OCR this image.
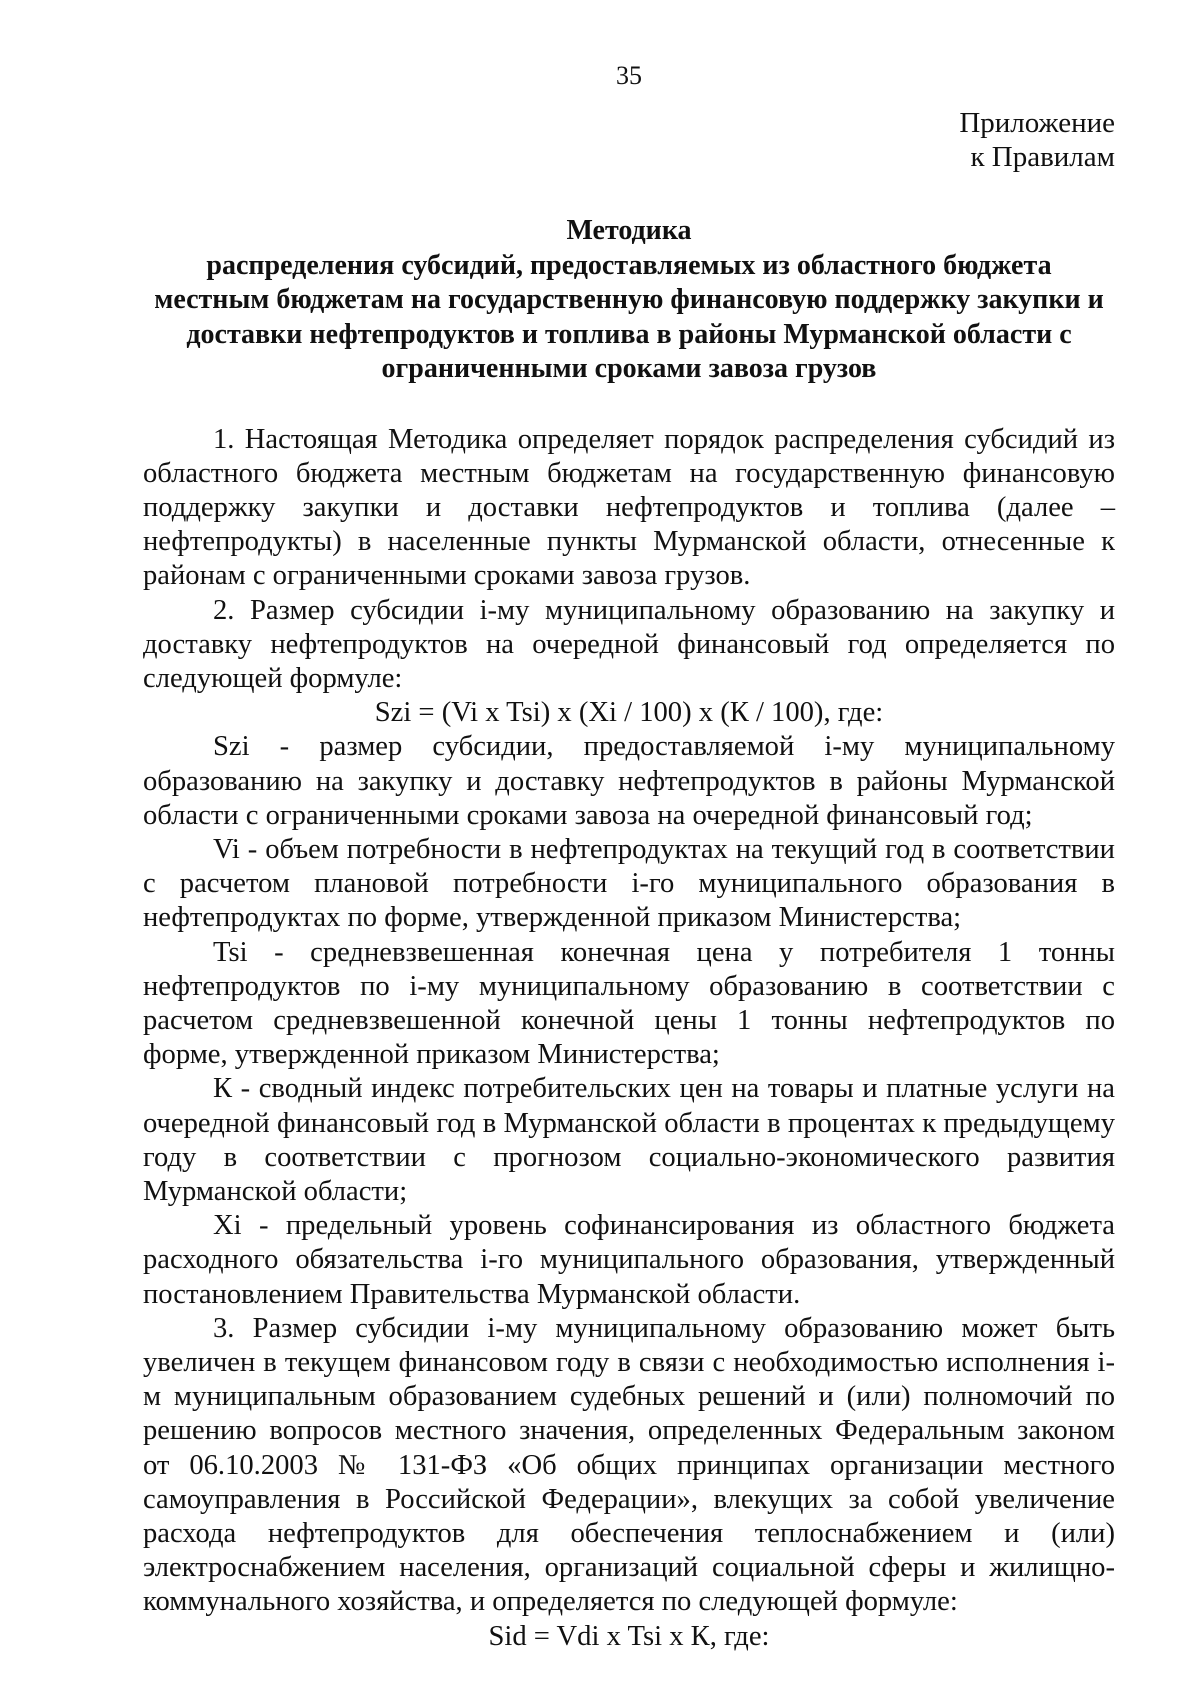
35
Приложение
к Правилам
Методика
распределения субсидий, предоставляемых из областного бюджета
местным бюджетам на государственную финансовую поддержку закупки и
доставки нефтепродуктов и топлива в районы Мурманской области с
ограниченными сроками завоза грузов

1. Настоящая Методика определяет порядок распределения субсидий из областного бюджета местным бюджетам на государственную финансовую поддержку закупки и доставки нефтепродуктов и топлива (далее – нефтепродукты) в населенные пункты Мурманской области, отнесенные к районам с ограниченными сроками завоза грузов.

2. Размер субсидии i-му муниципальному образованию на закупку и доставку нефтепродуктов на очередной финансовый год определяется по следующей формуле:

Szi = (Vi x Tsi) x (Xi / 100) x (К / 100), где:

Szi - размер субсидии, предоставляемой i-му муниципальному образованию на закупку и доставку нефтепродуктов в районы Мурманской области с ограниченными сроками завоза на очередной финансовый год;

Vi - объем потребности в нефтепродуктах на текущий год в соответствии с расчетом плановой потребности i-го муниципального образования в нефтепродуктах по форме, утвержденной приказом Министерства;

Tsi - средневзвешенная конечная цена у потребителя 1 тонны нефтепродуктов по i-му муниципальному образованию в соответствии с расчетом средневзвешенной конечной цены 1 тонны нефтепродуктов по форме, утвержденной приказом Министерства;

К - сводный индекс потребительских цен на товары и платные услуги на очередной финансовый год в Мурманской области в процентах к предыдущему году в соответствии с прогнозом социально-экономического развития Мурманской области;

Xi - предельный уровень софинансирования из областного бюджета расходного обязательства i-го муниципального образования, утвержденный постановлением Правительства Мурманской области.

3. Размер субсидии i-му муниципальному образованию может быть увеличен в текущем финансовом году в связи с необходимостью исполнения i-м муниципальным образованием судебных решений и (или) полномочий по решению вопросов местного значения, определенных Федеральным законом от 06.10.2003 № 131-ФЗ «Об общих принципах организации местного самоуправления в Российской Федерации», влекущих за собой увеличение расхода нефтепродуктов для обеспечения теплоснабжением и (или) электроснабжением населения, организаций социальной сферы и жилищно-коммунального хозяйства, и определяется по следующей формуле:

Sid = Vdi x Tsi x К, где:
